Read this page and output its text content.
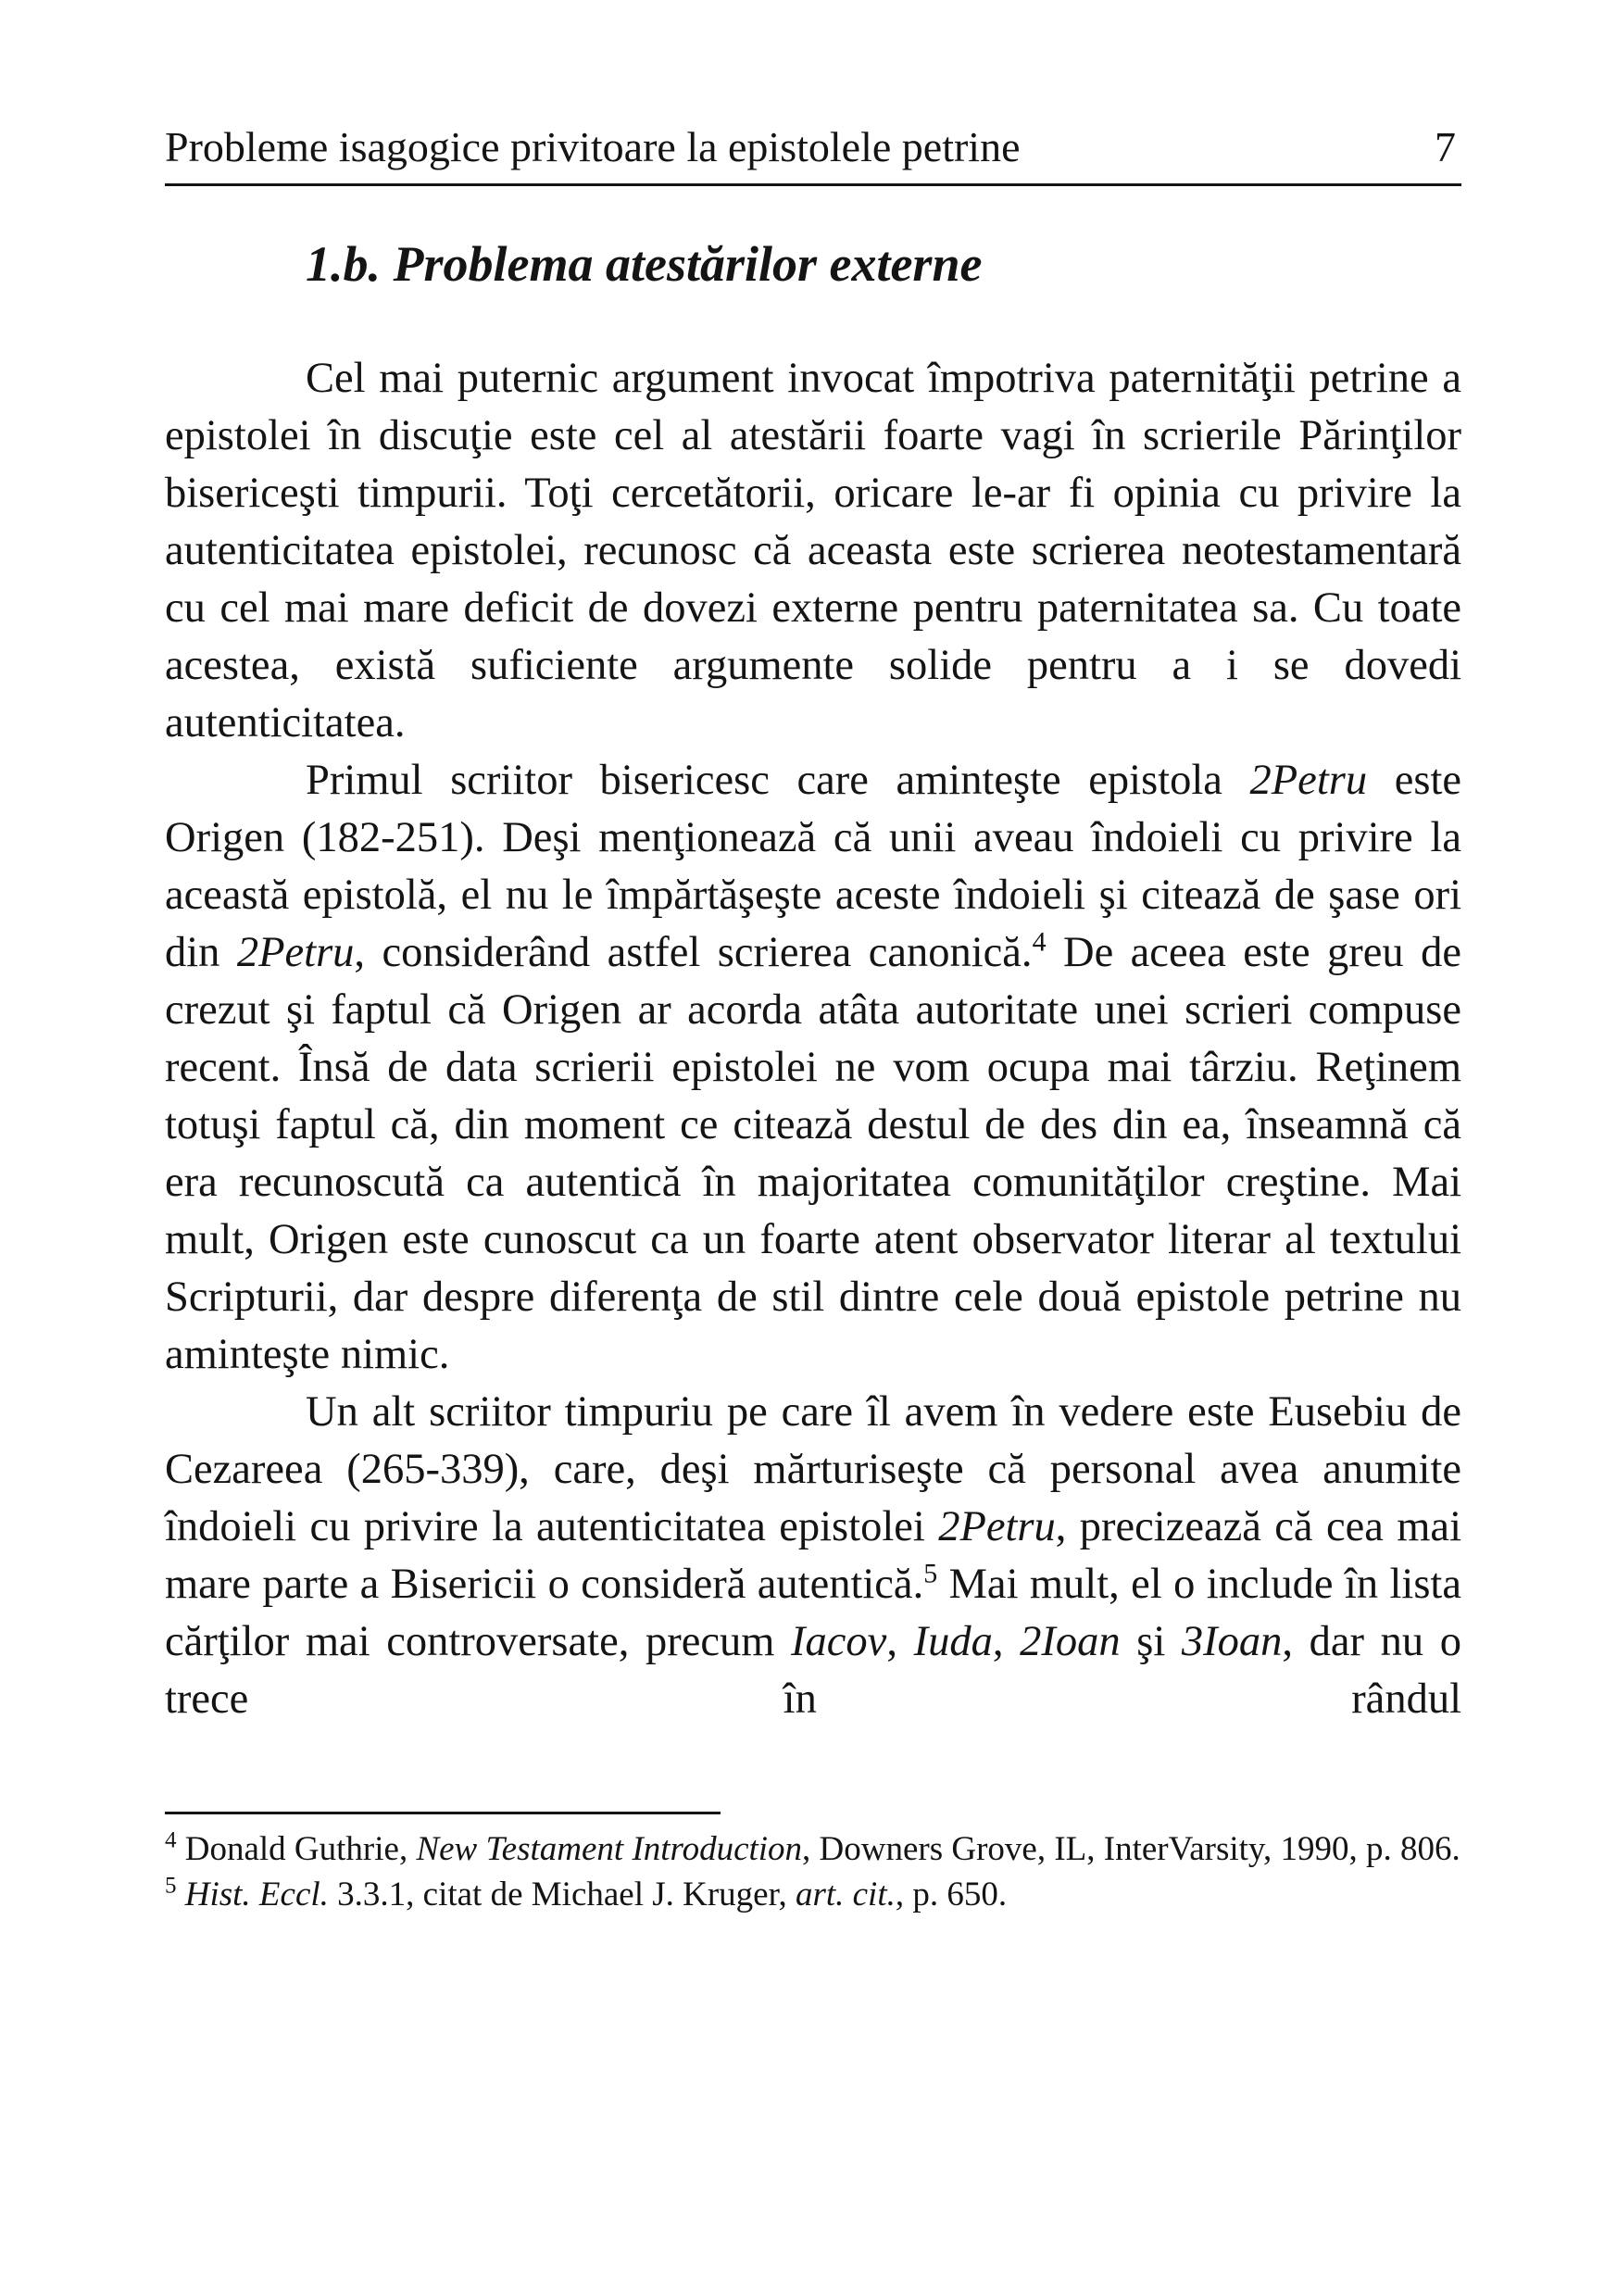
Probleme isagogice privitoare la epistolele petrine	7
1.b. Problema atestărilor externe

Cel mai puternic argument invocat împotriva paternităţii petrine a epistolei în discuţie este cel al atestării foarte vagi în scrierile Părinţilor bisericeşti timpurii. Toţi cercetătorii, oricare le-ar fi opinia cu privire la autenticitatea epistolei, recunosc că aceasta este scrierea neotestamentară cu cel mai mare deficit de dovezi externe pentru paternitatea sa. Cu toate acestea, există suficiente argumente solide pentru a i se dovedi autenticitatea.

Primul scriitor bisericesc care aminteşte epistola 2Petru este Origen (182-251). Deşi menţionează că unii aveau îndoieli cu privire la această epistolă, el nu le împărtăşeşte aceste îndoieli şi citează de şase ori din 2Petru, considerând astfel scrierea canonică.$^4$ De aceea este greu de crezut şi faptul că Origen ar acorda atâta autoritate unei scrieri compuse recent. Însă de data scrierii epistolei ne vom ocupa mai târziu. Reţinem totuşi faptul că, din moment ce citează destul de des din ea, înseamnă că era recunoscută ca autentică în majoritatea comunităţilor creştine. Mai mult, Origen este cunoscut ca un foarte atent observator literar al textului Scripturii, dar despre diferenţa de stil dintre cele două epistole petrine nu aminteşte nimic.

Un alt scriitor timpuriu pe care îl avem în vedere este Eusebiu de Cezareea (265-339), care, deşi mărturiseşte că personal avea anumite îndoieli cu privire la autenticitatea epistolei 2Petru, precizează că cea mai mare parte a Bisericii o consideră autentică.$^5$ Mai mult, el o include în lista cărţilor mai controversate, precum Iacov, Iuda, 2Ioan şi 3Ioan, dar nu o trece în rândul

$^4$ Donald Guthrie, New Testament Introduction, Downers Grove, IL, InterVarsity, 1990, p. 806.

$^5$ Hist. Eccl. 3.3.1, citat de Michael J. Kruger, art. cit., p. 650.
